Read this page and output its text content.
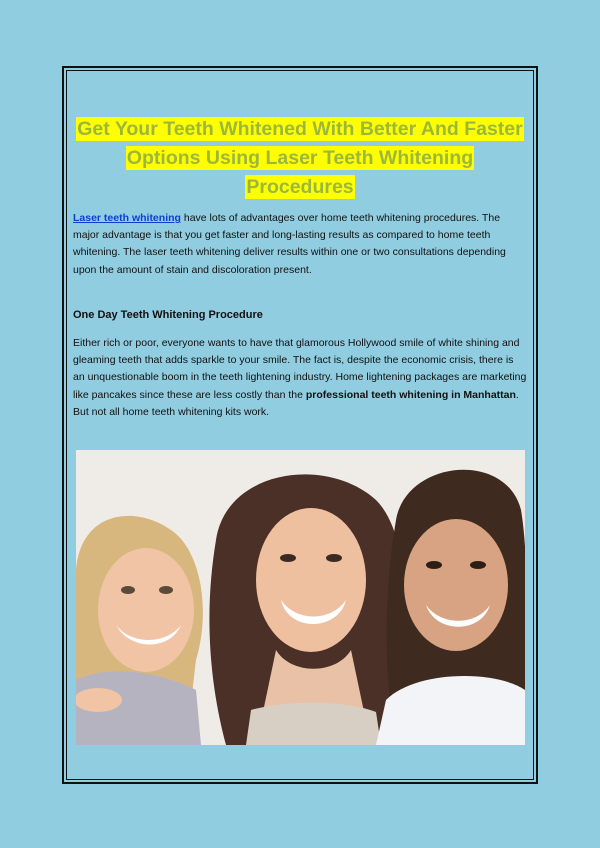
Get Your Teeth Whitened With Better And Faster Options Using Laser Teeth Whitening Procedures

Laser teeth whitening have lots of advantages over home teeth whitening procedures. The major advantage is that you get faster and long-lasting results as compared to home teeth whitening. The laser teeth whitening deliver results within one or two consultations depending upon the amount of stain and discoloration present.

One Day Teeth Whitening Procedure

Either rich or poor, everyone wants to have that glamorous Hollywood smile of white shining and gleaming teeth that adds sparkle to your smile. The fact is, despite the economic crisis, there is an unquestionable boom in the teeth lightening industry. Home lightening packages are marketing like pancakes since these are less costly than the professional teeth whitening in Manhattan. But not all home teeth whitening kits work.
